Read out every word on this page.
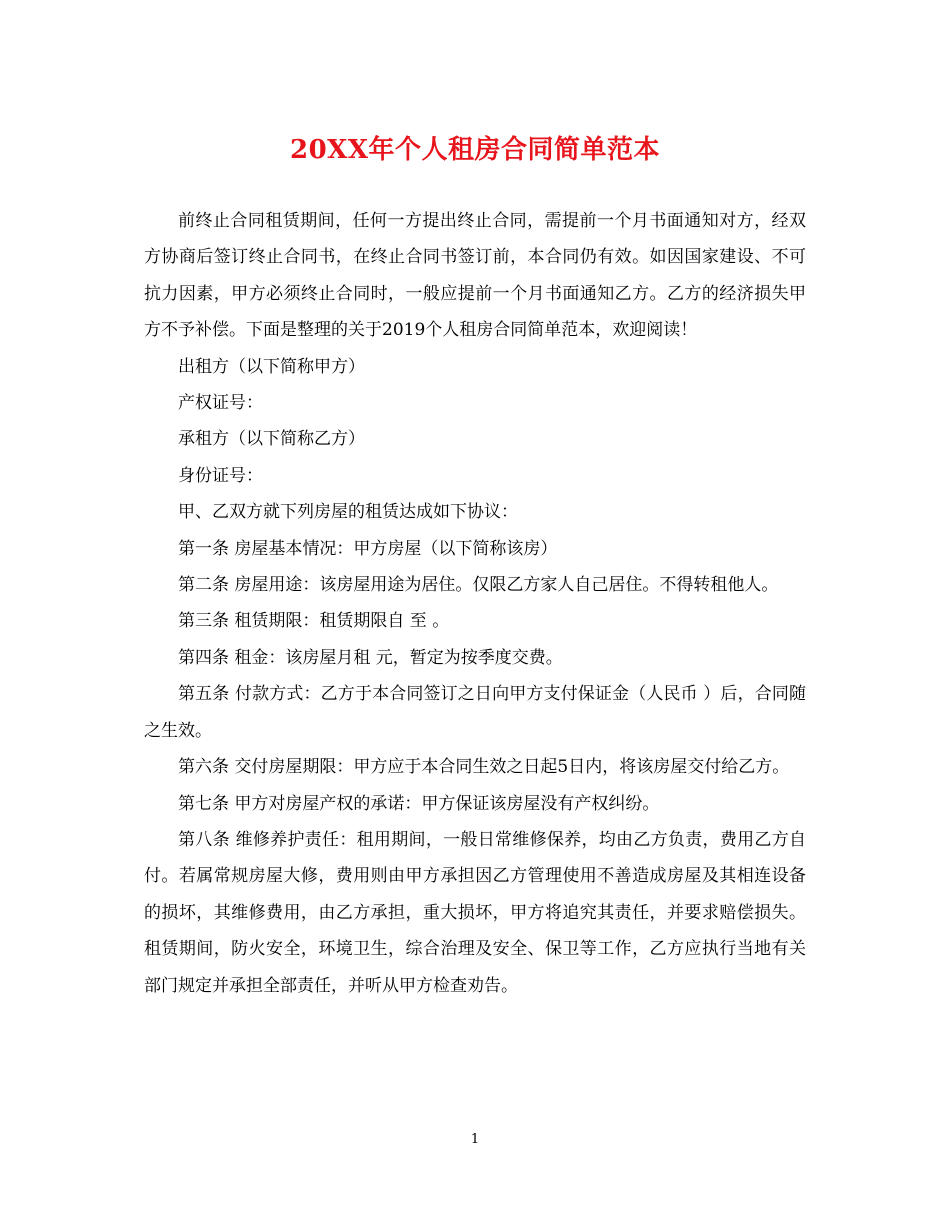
20XX年个人租房合同简单范本

前终止合同租赁期间，任何一方提出终止合同，需提前一个月书面通知对方，经双方协商后签订终止合同书，在终止合同书签订前，本合同仍有效。如因国家建设、不可抗力因素，甲方必须终止合同时，一般应提前一个月书面通知乙方。乙方的经济损失甲方不予补偿。下面是整理的关于2019个人租房合同简单范本，欢迎阅读！

出租方（以下简称甲方）

产权证号：

承租方（以下简称乙方）

身份证号：

甲、乙双方就下列房屋的租赁达成如下协议：

第一条 房屋基本情况：甲方房屋（以下简称该房）

第二条 房屋用途：该房屋用途为居住。仅限乙方家人自己居住。不得转租他人。

第三条 租赁期限：租赁期限自 至 。

第四条 租金：该房屋月租 元，暂定为按季度交费。

第五条 付款方式：乙方于本合同签订之日向甲方支付保证金（人民币 ）后，合同随之生效。

第六条 交付房屋期限：甲方应于本合同生效之日起5日内，将该房屋交付给乙方。

第七条 甲方对房屋产权的承诺：甲方保证该房屋没有产权纠纷。

第八条 维修养护责任：租用期间，一般日常维修保养，均由乙方负责，费用乙方自付。若属常规房屋大修，费用则由甲方承担因乙方管理使用不善造成房屋及其相连设备的损坏，其维修费用，由乙方承担，重大损坏，甲方将追究其责任，并要求赔偿损失。租赁期间，防火安全，环境卫生，综合治理及安全、保卫等工作，乙方应执行当地有关部门规定并承担全部责任，并听从甲方检查劝告。

1
